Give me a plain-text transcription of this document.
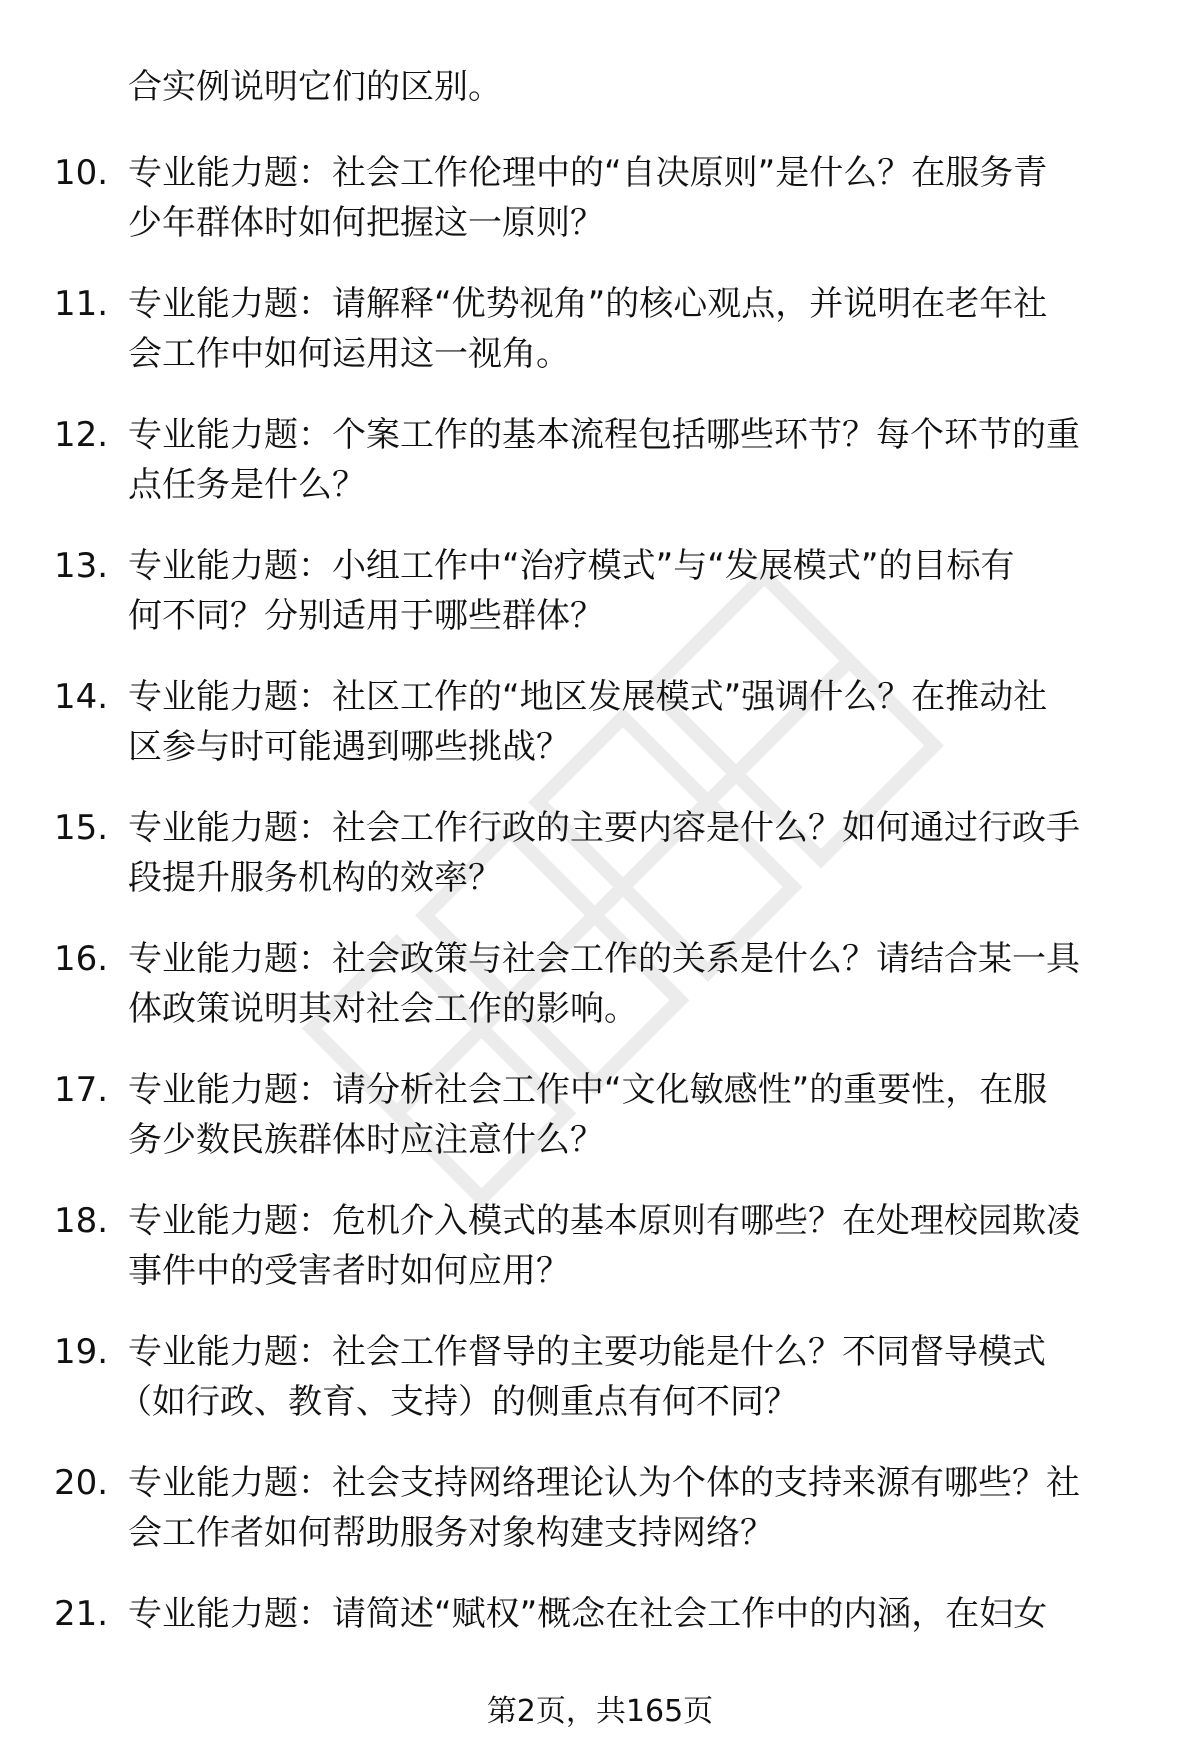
合实例说明它们的区别。
10. 专业能力题：社会工作伦理中的“自决原则”是什么？在服务青
少年群体时如何把握这一原则？
11. 专业能力题：请解释“优势视角”的核心观点，并说明在老年社
会工作中如何运用这一视角。
12. 专业能力题：个案工作的基本流程包括哪些环节？每个环节的重
点任务是什么？
13. 专业能力题：小组工作中“治疗模式”与“发展模式”的目标有
何不同？分别适用于哪些群体？
14. 专业能力题：社区工作的“地区发展模式”强调什么？在推动社
区参与时可能遇到哪些挑战？
15. 专业能力题：社会工作行政的主要内容是什么？如何通过行政手
段提升服务机构的效率？
16. 专业能力题：社会政策与社会工作的关系是什么？请结合某一具
体政策说明其对社会工作的影响。
17. 专业能力题：请分析社会工作中“文化敏感性”的重要性，在服
务少数民族群体时应注意什么？
18. 专业能力题：危机介入模式的基本原则有哪些？在处理校园欺凌
事件中的受害者时如何应用？
19. 专业能力题：社会工作督导的主要功能是什么？不同督导模式
（如行政、教育、支持）的侧重点有何不同？
20. 专业能力题：社会支持网络理论认为个体的支持来源有哪些？社
会工作者如何帮助服务对象构建支持网络？
21. 专业能力题：请简述“赋权”概念在社会工作中的内涵，在妇女
第2页，共165页
